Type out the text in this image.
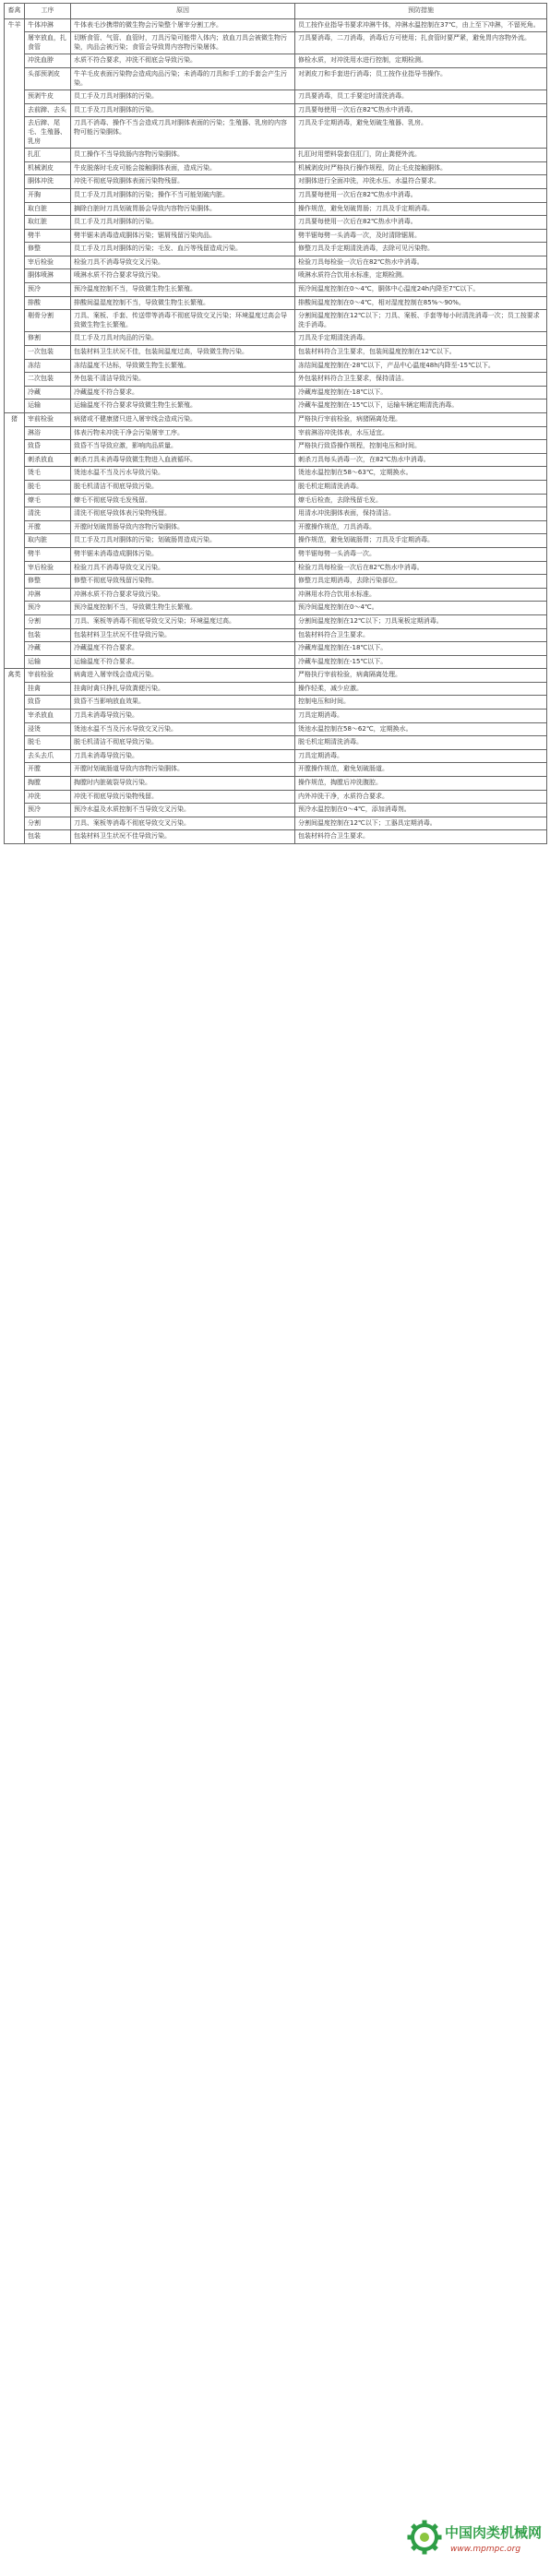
畜禽	工序	原因	预防措施
牛羊	牛体冲淋	牛体表毛沙携带的微生物会污染整个屠宰分割工序。	员工按作业指导书要求冲淋牛体，冲淋水温控制在37℃，由上至下冲淋，不留死角。
	屠宰放血，扎食管	切断食管、气管、血管时，刀具污染可能带入体内；放血刀具会被微生物污染，肉品会被污染；食管会导致胃内容物污染屠体。	刀具要消毒，二刀消毒，消毒后方可使用；扎食管时要严紧，避免胃内容物外流。
	冲洗血脖	水质不符合要求，冲洗不彻底会导致污染。	修检水质，对冲洗用水进行控制，定期检测。
	头部预剥皮	牛羊毛皮表面污染物会造成肉品污染；未消毒的刀具和手工的手套会产生污染。	对剥皮刀和手套进行消毒；员工按作业指导书操作。
	预剥牛皮	员工手及刀具对胴体的污染。	刀具要消毒，员工手要定时清洗消毒。
	去前蹄、去头	员工手及刀具对胴体的污染。	刀具要每使用一次后在82℃热水中消毒。
	去后蹄、尾毛、生殖器、乳房	刀具不消毒、操作不当会造成刀具对胴体表面的污染；生殖器、乳房的内容物可能污染胴体。	刀具及手定期消毒，避免划破生殖器、乳房。
	扎肛	员工操作不当导致肠内容物污染胴体。	扎肛时用塑料袋套住肛门，防止粪便外流。
	机械剥皮	牛皮脱落时毛皮可能会接触胴体表面，造成污染。	机械剥皮时严格执行操作规程，防止毛皮接触胴体。
	胴体冲洗	冲洗不彻底导致胴体表面污染物残留。	对胴体进行全面冲洗，冲洗水压、水温符合要求。
	开胸	员工手及刀具对胴体的污染；操作不当可能划破内脏。	刀具要每使用一次后在82℃热水中消毒。
	取白脏	摘除白脏时刀具划破胃肠会导致内容物污染胴体。	操作规范，避免划破胃肠；刀具及手定期消毒。
	取红脏	员工手及刀具对胴体的污染。	刀具要每使用一次后在82℃热水中消毒。
	劈半	劈半锯未消毒造成胴体污染；锯屑残留污染肉品。	劈半锯每劈一头消毒一次，及时清除锯屑。
	修整	员工手及刀具对胴体的污染；毛发、血污等残留造成污染。	修整刀具及手定期清洗消毒，去除可见污染物。
	宰后检验	检验刀具不消毒导致交叉污染。	检验刀具每检验一次后在82℃热水中消毒。
	胴体喷淋	喷淋水质不符合要求导致污染。	喷淋水质符合饮用水标准，定期检测。
	预冷	预冷温度控制不当，导致微生物生长繁殖。	预冷间温度控制在0～4℃，胴体中心温度24h内降至7℃以下。
	排酸	排酸间温湿度控制不当，导致微生物生长繁殖。	排酸间温度控制在0～4℃，相对湿度控制在85%～90%。
	剔骨分割	刀具、案板、手套、传送带等消毒不彻底导致交叉污染；环境温度过高会导致微生物生长繁殖。	分割间温度控制在12℃以下；刀具、案板、手套等每小时清洗消毒一次；员工按要求洗手消毒。
	修割	员工手及刀具对肉品的污染。	刀具及手定期清洗消毒。
	一次包装	包装材料卫生状况不佳，包装间温度过高，导致微生物污染。	包装材料符合卫生要求，包装间温度控制在12℃以下。
	冻结	冻结温度不达标，导致微生物生长繁殖。	冻结间温度控制在-28℃以下，产品中心温度48h内降至-15℃以下。
	二次包装	外包装不清洁导致污染。	外包装材料符合卫生要求，保持清洁。
	冷藏	冷藏温度不符合要求。	冷藏库温度控制在-18℃以下。
	运输	运输温度不符合要求导致微生物生长繁殖。	冷藏车温度控制在-15℃以下，运输车辆定期清洗消毒。
猪	宰前检验	病猪或不健康猪只进入屠宰线会造成污染。	严格执行宰前检验，病猪隔离处理。
	淋浴	体表污物未冲洗干净会污染屠宰工序。	宰前淋浴冲洗体表，水压适宜。
	致昏	致昏不当导致应激，影响肉品质量。	严格执行致昏操作规程，控制电压和时间。
	刺杀放血	刺杀刀具未消毒导致微生物进入血液循环。	刺杀刀具每头消毒一次，在82℃热水中消毒。
	烫毛	烫池水温不当及污水导致污染。	烫池水温控制在58～63℃，定期换水。
	脱毛	脱毛机清洁不彻底导致污染。	脱毛机定期清洗消毒。
	燎毛	燎毛不彻底导致毛发残留。	燎毛后检查，去除残留毛发。
	清洗	清洗不彻底导致体表污染物残留。	用清水冲洗胴体表面，保持清洁。
	开膛	开膛时划破胃肠导致内容物污染胴体。	开膛操作规范，刀具消毒。
	取内脏	员工手及刀具对胴体的污染；划破肠胃造成污染。	操作规范，避免划破肠胃；刀具及手定期消毒。
	劈半	劈半锯未消毒造成胴体污染。	劈半锯每劈一头消毒一次。
	宰后检验	检验刀具不消毒导致交叉污染。	检验刀具每检验一次后在82℃热水中消毒。
	修整	修整不彻底导致残留污染物。	修整刀具定期消毒，去除污染部位。
	冲淋	冲淋水质不符合要求导致污染。	冲淋用水符合饮用水标准。
	预冷	预冷温度控制不当，导致微生物生长繁殖。	预冷间温度控制在0～4℃。
	分割	刀具、案板等消毒不彻底导致交叉污染；环境温度过高。	分割间温度控制在12℃以下；刀具案板定期消毒。
	包装	包装材料卫生状况不佳导致污染。	包装材料符合卫生要求。
	冷藏	冷藏温度不符合要求。	冷藏库温度控制在-18℃以下。
	运输	运输温度不符合要求。	冷藏车温度控制在-15℃以下。
禽类	宰前检验	病禽进入屠宰线会造成污染。	严格执行宰前检验，病禽隔离处理。
	挂禽	挂禽时禽只挣扎导致粪便污染。	操作轻柔，减少应激。
	致昏	致昏不当影响放血效果。	控制电压和时间。
	宰杀放血	刀具未消毒导致污染。	刀具定期消毒。
	浸烫	烫池水温不当及污水导致交叉污染。	烫池水温控制在58～62℃，定期换水。
	脱毛	脱毛机清洁不彻底导致污染。	脱毛机定期清洗消毒。
	去头去爪	刀具未消毒导致污染。	刀具定期消毒。
	开膛	开膛时划破肠道导致内容物污染胴体。	开膛操作规范，避免划破肠道。
	掏膛	掏膛时内脏破裂导致污染。	操作规范，掏膛后冲洗腹腔。
	冲洗	冲洗不彻底导致污染物残留。	内外冲洗干净，水质符合要求。
	预冷	预冷水温及水质控制不当导致交叉污染。	预冷水温控制在0～4℃，添加消毒剂。
	分割	刀具、案板等消毒不彻底导致交叉污染。	分割间温度控制在12℃以下；工器具定期消毒。
	包装	包装材料卫生状况不佳导致污染。	包装材料符合卫生要求。
中国肉类机械网
www.mpmpc.org
